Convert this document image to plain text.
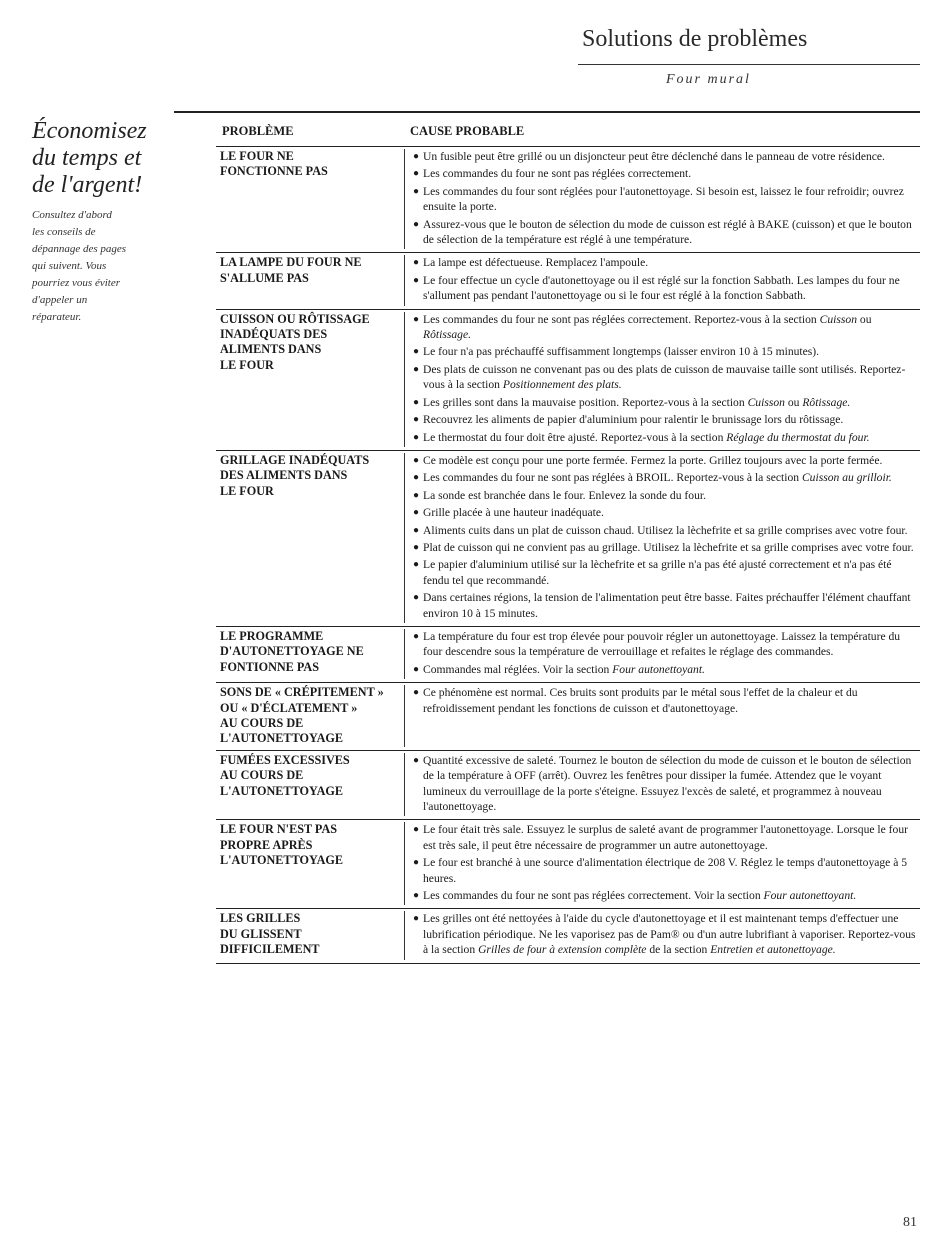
Solutions de problèmes
Four mural

Économisez
du temps et
de l'argent!

Consultez d'abord
les conseils de
dépannage des pages
qui suivent. Vous
pourriez vous éviter
d'appeler un
réparateur.
PROBLÈME	CAUSE PROBABLE
LE FOUR NE
FONCTIONNE PAS
● Un fusible peut être grillé ou un disjoncteur peut être déclenché dans le panneau de votre résidence.
● Les commandes du four ne sont pas réglées correctement.
● Les commandes du four sont réglées pour l'autonettoyage. Si besoin est, laissez le four refroidir; ouvrez ensuite la porte.
● Assurez-vous que le bouton de sélection du mode de cuisson est réglé à BAKE (cuisson) et que le bouton de sélection de la température est réglé à une température.
LA LAMPE DU FOUR NE
S'ALLUME PAS
● La lampe est défectueuse. Remplacez l'ampoule.
● Le four effectue un cycle d'autonettoyage ou il est réglé sur la fonction Sabbath. Les lampes du four ne s'allument pas pendant l'autonettoyage ou si le four est réglé à la fonction Sabbath.
CUISSON OU RÔTISSAGE
INADÉQUATS DES
ALIMENTS DANS
LE FOUR
● Les commandes du four ne sont pas réglées correctement. Reportez-vous à la section Cuisson ou Rôtissage.
● Le four n'a pas préchauffé suffisamment longtemps (laisser environ 10 à 15 minutes).
● Des plats de cuisson ne convenant pas ou des plats de cuisson de mauvaise taille sont utilisés. Reportez-vous à la section Positionnement des plats.
● Les grilles sont dans la mauvaise position. Reportez-vous à la section Cuisson ou Rôtissage.
● Recouvrez les aliments de papier d'aluminium pour ralentir le brunissage lors du rôtissage.
● Le thermostat du four doit être ajusté. Reportez-vous à la section Réglage du thermostat du four.
GRILLAGE INADÉQUATS
DES ALIMENTS DANS
LE FOUR
● Ce modèle est conçu pour une porte fermée. Fermez la porte. Grillez toujours avec la porte fermée.
● Les commandes du four ne sont pas réglées à BROIL. Reportez-vous à la section Cuisson au grilloir.
● La sonde est branchée dans le four. Enlevez la sonde du four.
● Grille placée à une hauteur inadéquate.
● Aliments cuits dans un plat de cuisson chaud. Utilisez la lèchefrite et sa grille comprises avec votre four.
● Plat de cuisson qui ne convient pas au grillage. Utilisez la lèchefrite et sa grille comprises avec votre four.
● Le papier d'aluminium utilisé sur la lèchefrite et sa grille n'a pas été ajusté correctement et n'a pas été fendu tel que recommandé.
● Dans certaines régions, la tension de l'alimentation peut être basse. Faites préchauffer l'élément chauffant environ 10 à 15 minutes.
LE PROGRAMME
D'AUTONETTOYAGE NE
FONTIONNE PAS
● La température du four est trop élevée pour pouvoir régler un autonettoyage. Laissez la température du four descendre sous la température de verrouillage et refaites le réglage des commandes.
● Commandes mal réglées. Voir la section Four autonettoyant.
SONS DE « CRÉPITEMENT »
OU « D'ÉCLATEMENT »
AU COURS DE
L'AUTONETTOYAGE
● Ce phénomène est normal. Ces bruits sont produits par le métal sous l'effet de la chaleur et du refroidissement pendant les fonctions de cuisson et d'autonettoyage.
FUMÉES EXCESSIVES
AU COURS DE
L'AUTONETTOYAGE
● Quantité excessive de saleté. Tournez le bouton de sélection du mode de cuisson et le bouton de sélection de la température à OFF (arrêt). Ouvrez les fenêtres pour dissiper la fumée. Attendez que le voyant lumineux du verrouillage de la porte s'éteigne. Essuyez l'excès de saleté, et programmez à nouveau l'autonettoyage.
LE FOUR N'EST PAS
PROPRE APRÈS
L'AUTONETTOYAGE
● Le four était très sale. Essuyez le surplus de saleté avant de programmer l'autonettoyage. Lorsque le four est très sale, il peut être nécessaire de programmer un autre autonettoyage.
● Le four est branché à une source d'alimentation électrique de 208 V. Réglez le temps d'autonettoyage à 5 heures.
● Les commandes du four ne sont pas réglées correctement. Voir la section Four autonettoyant.
LES GRILLES
DU GLISSENT
DIFFICILEMENT
● Les grilles ont été nettoyées à l'aide du cycle d'autonettoyage et il est maintenant temps d'effectuer une lubrification périodique. Ne les vaporisez pas de Pam® ou d'un autre lubrifiant à vaporiser. Reportez-vous à la section Grilles de four à extension complète de la section Entretien et autonettoyage.
81
